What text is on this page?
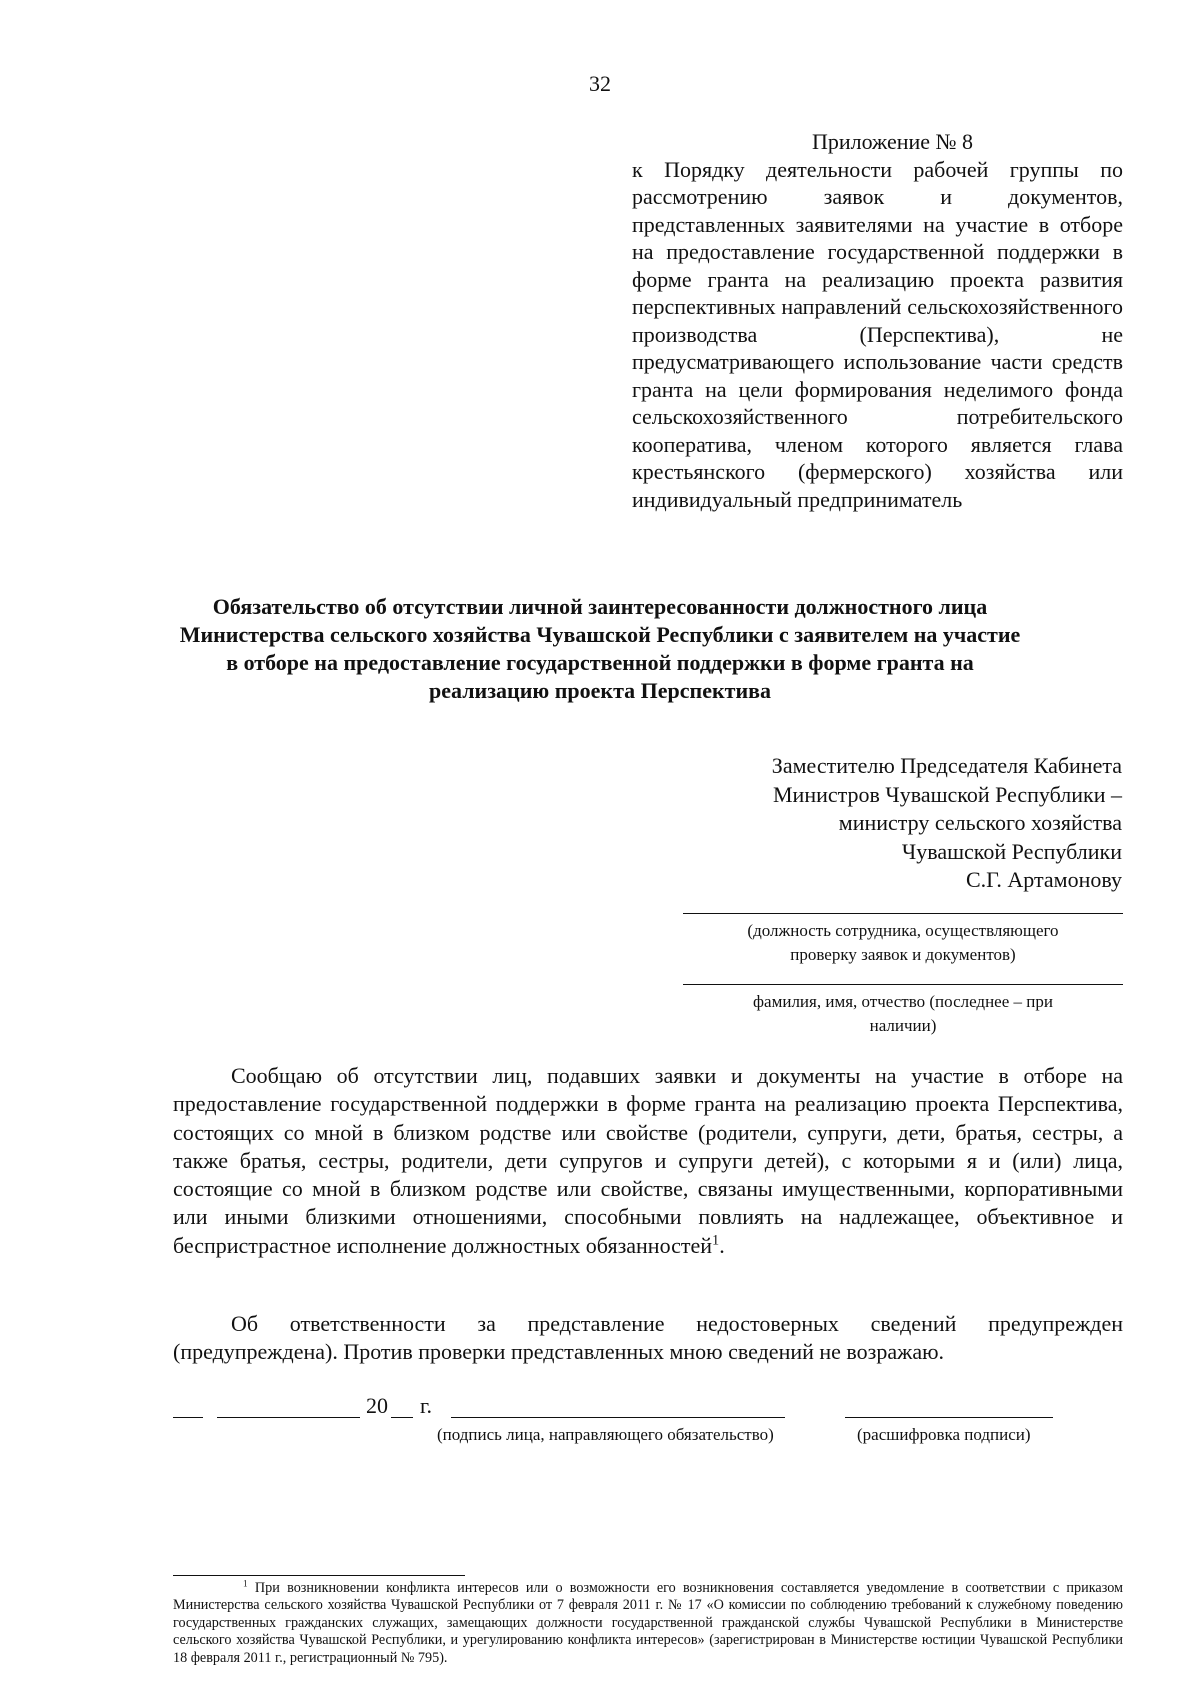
32
Приложение № 8
к Порядку деятельности рабочей группы по рассмотрению заявок и документов, представленных заявителями на участие в отборе на предоставление государственной поддержки в форме гранта на реализацию проекта развития перспективных направлений сельскохозяйственного производства (Перспектива), не предусматривающего использование части средств гранта на цели формирования неделимого фонда сельскохозяйственного потребительского кооператива, членом которого является глава крестьянского (фермерского) хозяйства или индивидуальный предприниматель
Обязательство об отсутствии личной заинтересованности должностного лица
Министерства сельского хозяйства Чувашской Республики с заявителем на участие
в отборе на предоставление государственной поддержки в форме гранта на
реализацию проекта Перспектива
Заместителю Председателя Кабинета
Министров Чувашской Республики –
министру сельского хозяйства
Чувашской Республики
С.Г. Артамонову
(должность сотрудника, осуществляющего
проверку заявок и документов)
фамилия, имя, отчество (последнее – при
наличии)
Сообщаю об отсутствии лиц, подавших заявки и документы на участие в отборе на предоставление государственной поддержки в форме гранта на реализацию проекта Перспектива, состоящих со мной в близком родстве или свойстве (родители, супруги, дети, братья, сестры, а также братья, сестры, родители, дети супругов и супруги детей), с которыми я и (или) лица, состоящие со мной в близком родстве или свойстве, связаны имущественными, корпоративными или иными близкими отношениями, способными повлиять на надлежащее, объективное и беспристрастное исполнение должностных обязанностей$^1$.
Об ответственности за представление недостоверных сведений предупрежден (предупреждена). Против проверки представленных мною сведений не возражаю.
20 г.
(подпись лица, направляющего обязательство)	(расшифровка подписи)
$^1$ При возникновении конфликта интересов или о возможности его возникновения составляется уведомление в соответствии с приказом Министерства сельского хозяйства Чувашской Республики от 7 февраля 2011 г. № 17 «О комиссии по соблюдению требований к служебному поведению государственных гражданских служащих, замещающих должности государственной гражданской службы Чувашской Республики в Министерстве сельского хозяйства Чувашской Республики, и урегулированию конфликта интересов» (зарегистрирован в Министерстве юстиции Чувашской Республики 18 февраля 2011 г., регистрационный № 795).
